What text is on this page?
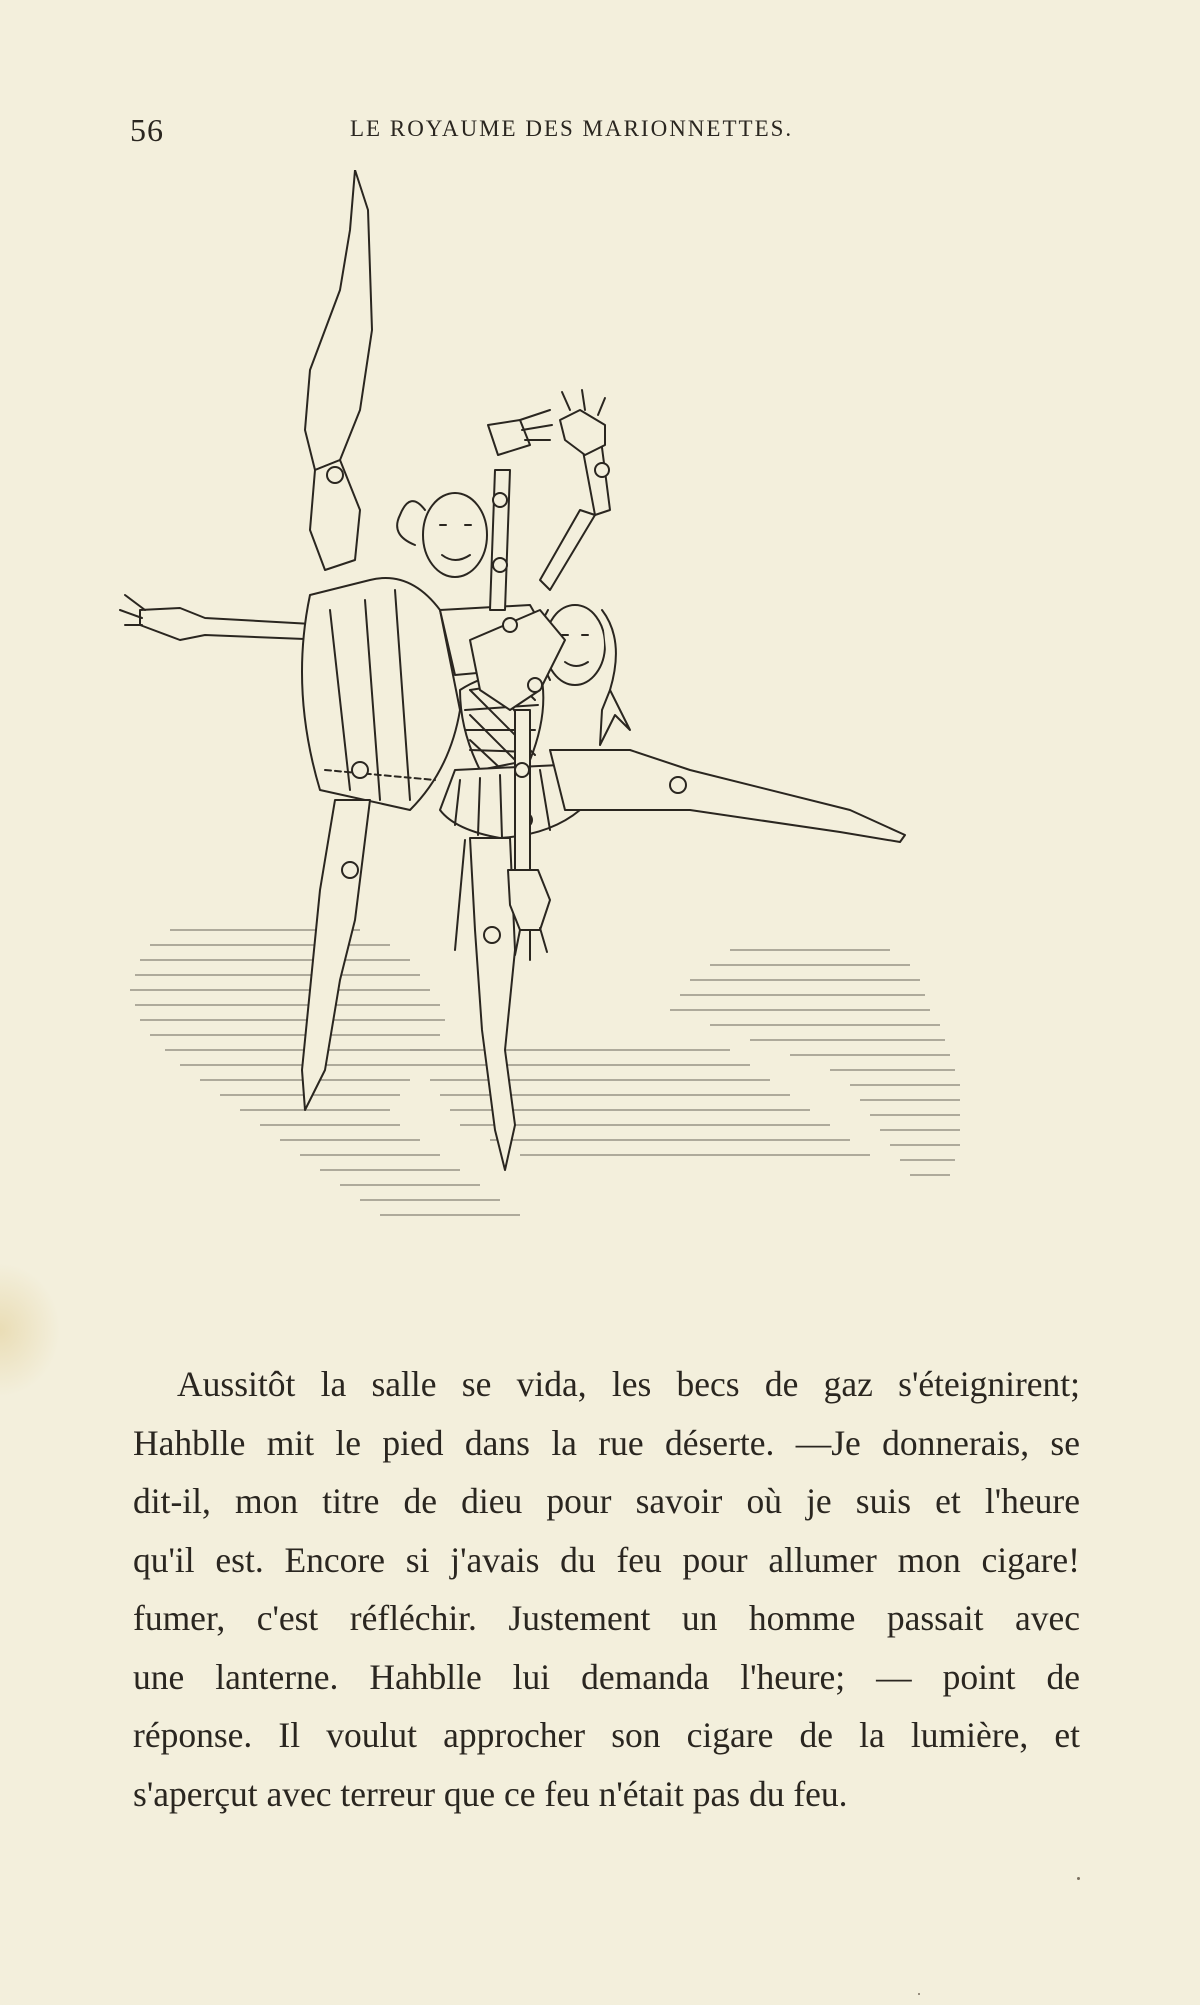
56	LE ROYAUME DES MARIONNETTES.
Aussitôt la salle se vida, les becs de gaz s'éteignirent;
Hahblle mit le pied dans la rue déserte. —Je donnerais, se
dit-il, mon titre de dieu pour savoir où je suis et l'heure
qu'il est. Encore si j'avais du feu pour allumer mon cigare!
fumer, c'est réfléchir. Justement un homme passait avec
une lanterne. Hahblle lui demanda l'heure; — point de
réponse. Il voulut approcher son cigare de la lumière, et
s'aperçut avec terreur que ce feu n'était pas du feu.
